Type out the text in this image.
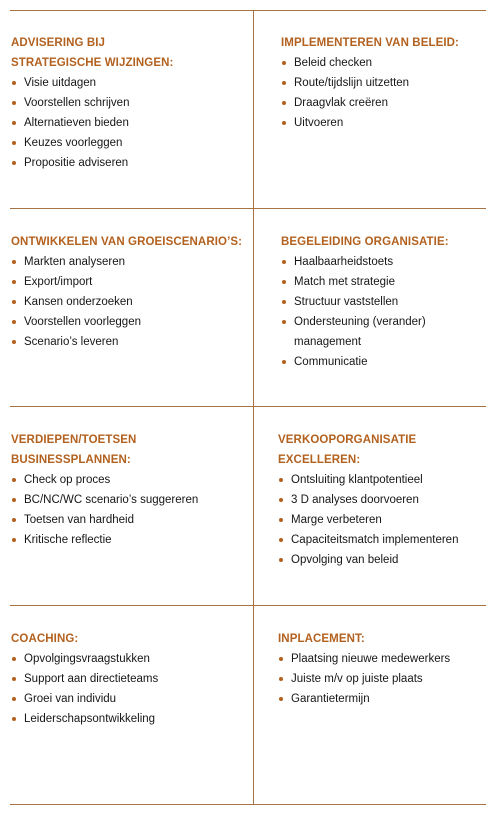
ADVISERING BIJ
STRATEGISCHE WIJZINGEN:
Visie uitdagen
Voorstellen schrijven
Alternatieven bieden
Keuzes voorleggen
Propositie adviseren
IMPLEMENTEREN VAN BELEID:
Beleid checken
Route/tijdslijn uitzetten
Draagvlak creëren
Uitvoeren
ONTWIKKELEN VAN GROEISCENARIO’S:
Markten analyseren
Export/import
Kansen onderzoeken
Voorstellen voorleggen
Scenario’s leveren
BEGELEIDING ORGANISATIE:
Haalbaarheidstoets
Match met strategie
Structuur vaststellen
Ondersteuning (verander)
management
Communicatie
VERDIEPEN/TOETSEN
BUSINESSPLANNEN:
Check op proces
BC/NC/WC scenario’s suggereren
Toetsen van hardheid
Kritische reflectie
VERKOOPORGANISATIE EXCELLEREN:
Ontsluiting klantpotentieel
3 D analyses doorvoeren
Marge verbeteren
Capaciteitsmatch implementeren
Opvolging van beleid
COACHING:
Opvolgingsvraagstukken
Support aan directieteams
Groei van individu
Leiderschapsontwikkeling
INPLACEMENT:
Plaatsing nieuwe medewerkers
Juiste m/v op juiste plaats
Garantietermijn
